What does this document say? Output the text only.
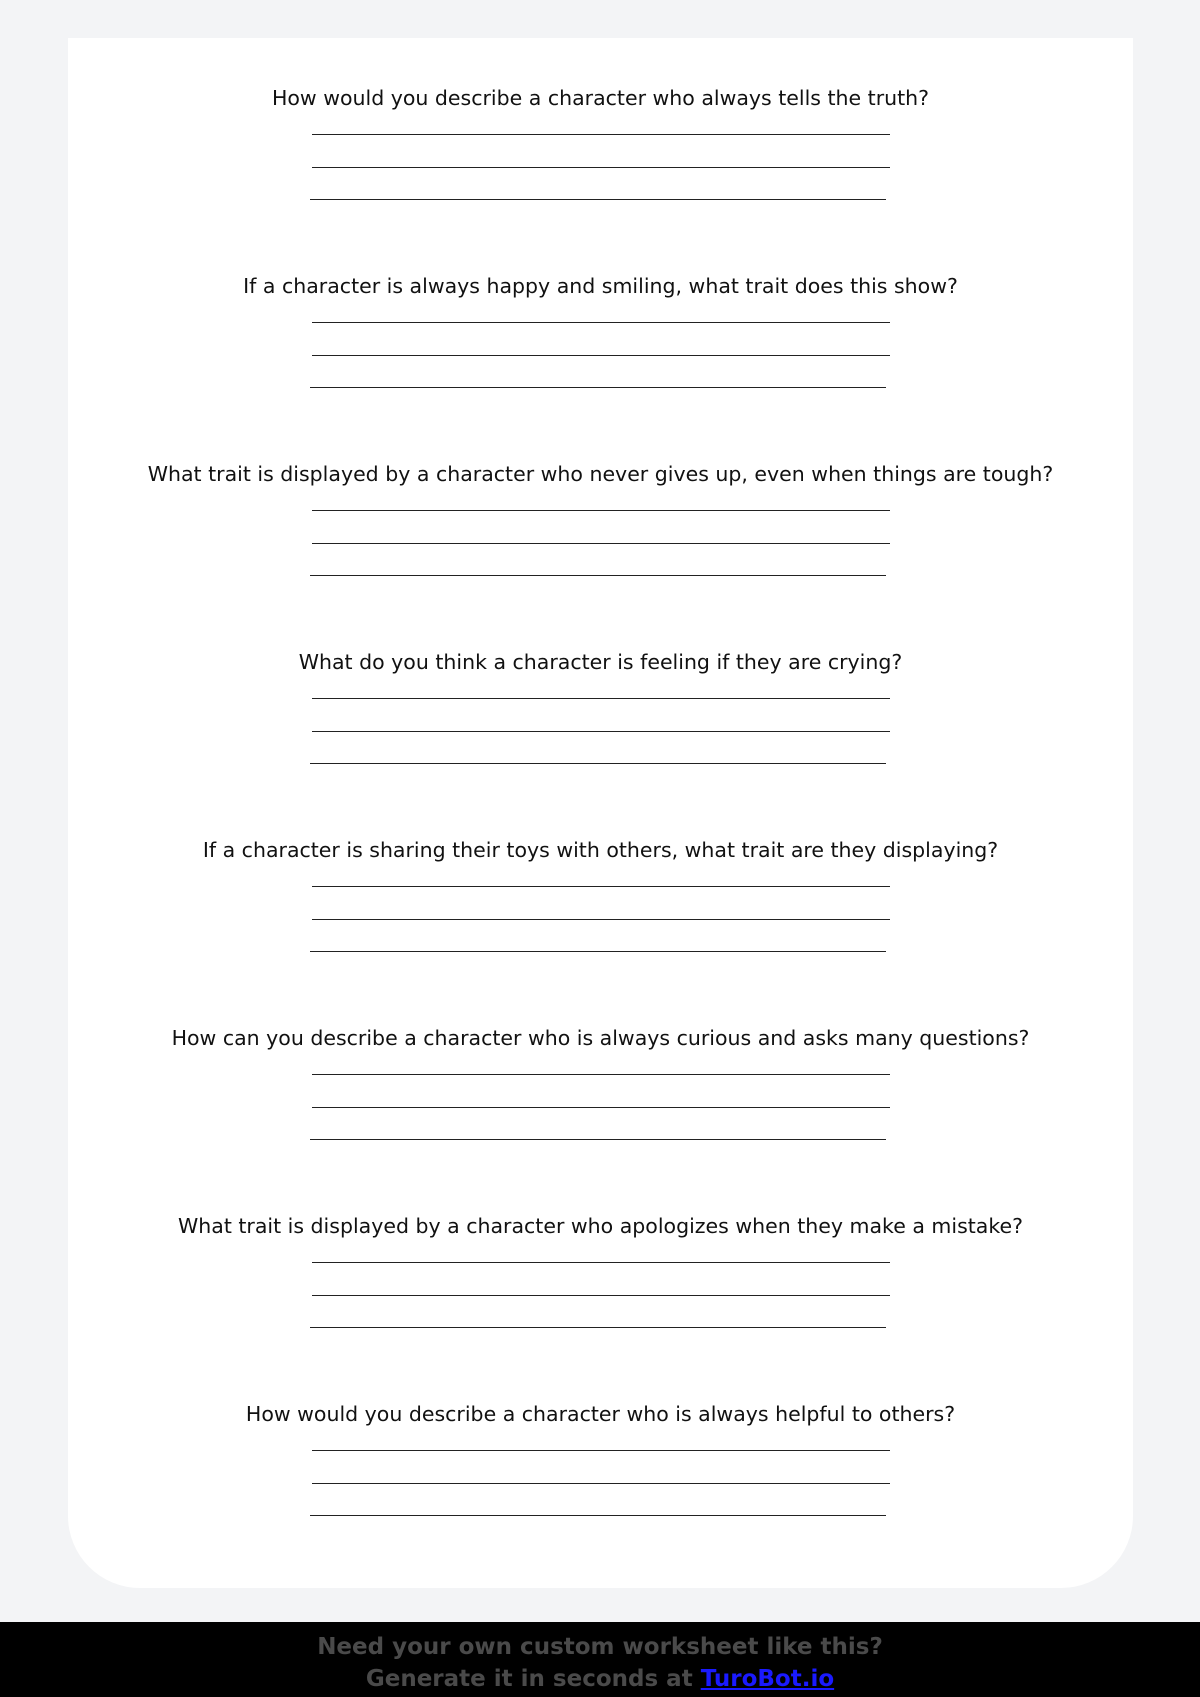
How would you describe a character who always tells the truth?

If a character is always happy and smiling, what trait does this show?

What trait is displayed by a character who never gives up, even when things are tough?

What do you think a character is feeling if they are crying?

If a character is sharing their toys with others, what trait are they displaying?

How can you describe a character who is always curious and asks many questions?

What trait is displayed by a character who apologizes when they make a mistake?

How would you describe a character who is always helpful to others?

Need your own custom worksheet like this?
Generate it in seconds at TuroBot.io
